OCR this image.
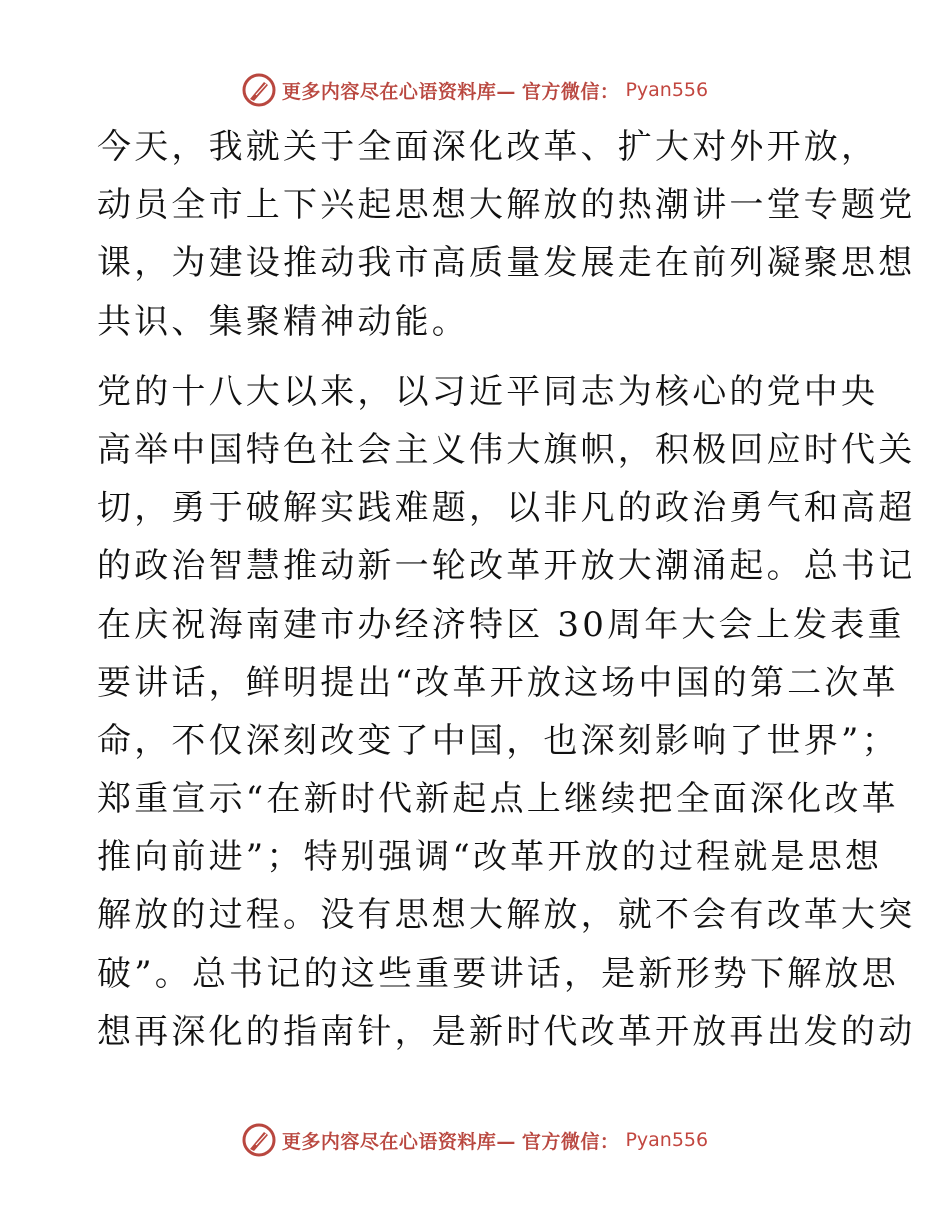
更多内容尽在心语资料库— 官方微信： Pyan556
今天，我就关于全面深化改革、扩大对外开放，
动员全市上下兴起思想大解放的热潮讲一堂专题党
课，为建设推动我市高质量发展走在前列凝聚思想
共识、集聚精神动能。
党的十八大以来，以习近平同志为核心的党中央
高举中国特色社会主义伟大旗帜，积极回应时代关
切，勇于破解实践难题，以非凡的政治勇气和高超
的政治智慧推动新一轮改革开放大潮涌起。总书记
在庆祝海南建市办经济特区 30周年大会上发表重
要讲话，鲜明提出“改革开放这场中国的第二次革
命，不仅深刻改变了中国，也深刻影响了世界”；
郑重宣示“在新时代新起点上继续把全面深化改革
推向前进”；特别强调“改革开放的过程就是思想
解放的过程。没有思想大解放，就不会有改革大突
破”。总书记的这些重要讲话，是新形势下解放思
想再深化的指南针，是新时代改革开放再出发的动
更多内容尽在心语资料库— 官方微信： Pyan556
